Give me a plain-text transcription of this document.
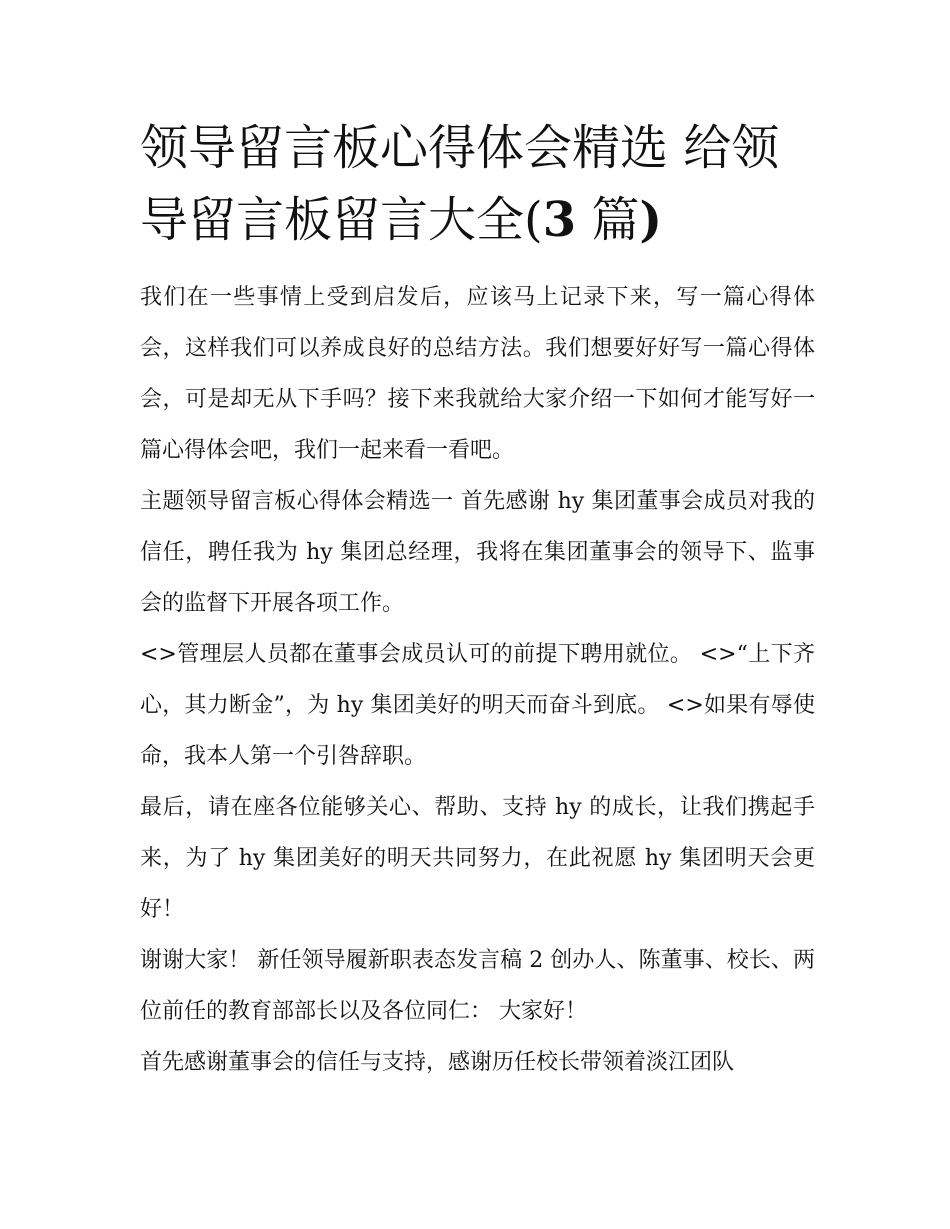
领导留言板心得体会精选 给领导留言板留言大全(3 篇)

我们在一些事情上受到启发后，应该马上记录下来，写一篇心得体会，这样我们可以养成良好的总结方法。我们想要好好写一篇心得体会，可是却无从下手吗？接下来我就给大家介绍一下如何才能写好一篇心得体会吧，我们一起来看一看吧。

主题领导留言板心得体会精选一 首先感谢 hy 集团董事会成员对我的信任，聘任我为 hy 集团总经理，我将在集团董事会的领导下、监事会的监督下开展各项工作。

<>管理层人员都在董事会成员认可的前提下聘用就位。 <>“上下齐心，其力断金”，为 hy 集团美好的明天而奋斗到底。 <>如果有辱使命，我本人第一个引咎辞职。

最后，请在座各位能够关心、帮助、支持 hy 的成长，让我们携起手来，为了 hy 集团美好的明天共同努力，在此祝愿 hy 集团明天会更好！

谢谢大家！ 新任领导履新职表态发言稿 2 创办人、陈董事、校长、两位前任的教育部部长以及各位同仁： 大家好！

首先感谢董事会的信任与支持，感谢历任校长带领着淡江团队
